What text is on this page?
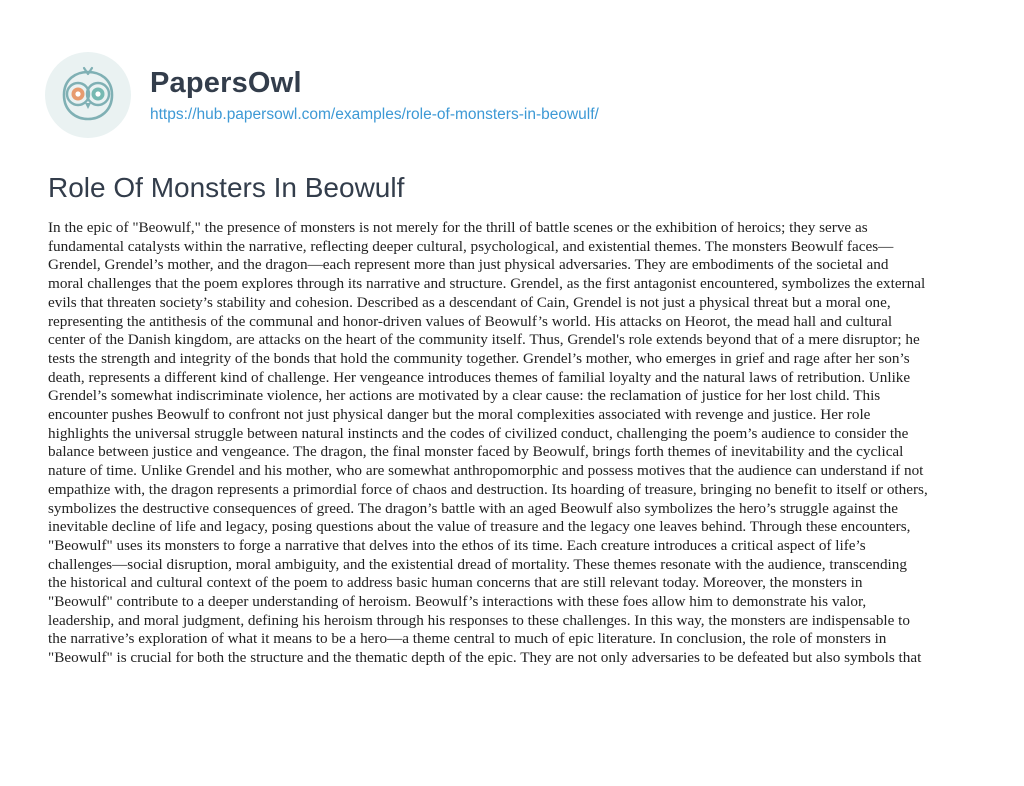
PapersOwl
https://hub.papersowl.com/examples/role-of-monsters-in-beowulf/
Role Of Monsters In Beowulf
In the epic of "Beowulf," the presence of monsters is not merely for the thrill of battle scenes or the exhibition of heroics; they serve as
fundamental catalysts within the narrative, reflecting deeper cultural, psychological, and existential themes. The monsters Beowulf faces—
Grendel, Grendel’s mother, and the dragon—each represent more than just physical adversaries. They are embodiments of the societal and
moral challenges that the poem explores through its narrative and structure. Grendel, as the first antagonist encountered, symbolizes the external
evils that threaten society’s stability and cohesion. Described as a descendant of Cain, Grendel is not just a physical threat but a moral one,
representing the antithesis of the communal and honor-driven values of Beowulf’s world. His attacks on Heorot, the mead hall and cultural
center of the Danish kingdom, are attacks on the heart of the community itself. Thus, Grendel's role extends beyond that of a mere disruptor; he
tests the strength and integrity of the bonds that hold the community together. Grendel’s mother, who emerges in grief and rage after her son’s
death, represents a different kind of challenge. Her vengeance introduces themes of familial loyalty and the natural laws of retribution. Unlike
Grendel’s somewhat indiscriminate violence, her actions are motivated by a clear cause: the reclamation of justice for her lost child. This
encounter pushes Beowulf to confront not just physical danger but the moral complexities associated with revenge and justice. Her role
highlights the universal struggle between natural instincts and the codes of civilized conduct, challenging the poem’s audience to consider the
balance between justice and vengeance. The dragon, the final monster faced by Beowulf, brings forth themes of inevitability and the cyclical
nature of time. Unlike Grendel and his mother, who are somewhat anthropomorphic and possess motives that the audience can understand if not
empathize with, the dragon represents a primordial force of chaos and destruction. Its hoarding of treasure, bringing no benefit to itself or others,
symbolizes the destructive consequences of greed. The dragon’s battle with an aged Beowulf also symbolizes the hero’s struggle against the
inevitable decline of life and legacy, posing questions about the value of treasure and the legacy one leaves behind. Through these encounters,
"Beowulf" uses its monsters to forge a narrative that delves into the ethos of its time. Each creature introduces a critical aspect of life’s
challenges—social disruption, moral ambiguity, and the existential dread of mortality. These themes resonate with the audience, transcending
the historical and cultural context of the poem to address basic human concerns that are still relevant today. Moreover, the monsters in
"Beowulf" contribute to a deeper understanding of heroism. Beowulf’s interactions with these foes allow him to demonstrate his valor,
leadership, and moral judgment, defining his heroism through his responses to these challenges. In this way, the monsters are indispensable to
the narrative’s exploration of what it means to be a hero—a theme central to much of epic literature. In conclusion, the role of monsters in
"Beowulf" is crucial for both the structure and the thematic depth of the epic. They are not only adversaries to be defeated but also symbols that
